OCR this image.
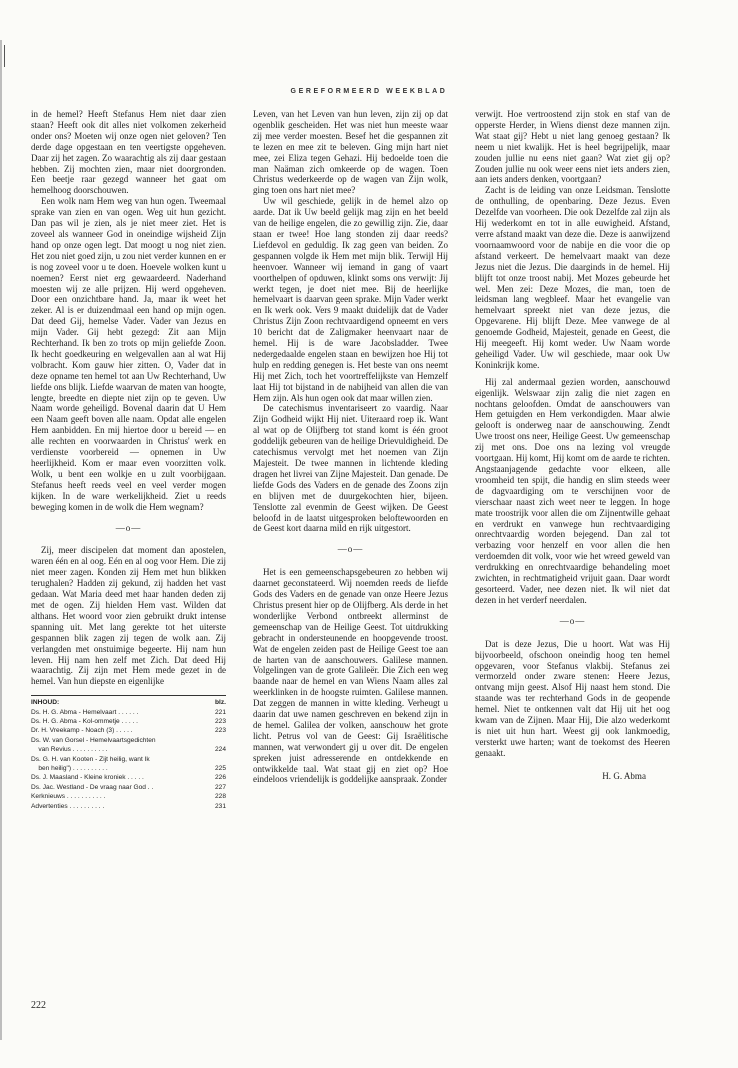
GEREFORMEERD WEEKBLAD

in de hemel? Heeft Stefanus Hem niet daar zien staan? Heeft ook dit alles niet volkomen zekerheid onder ons? Moeten wij onze ogen niet geloven? Ten derde dage opgestaan en ten veertigste opgeheven. Daar zij het zagen. Zo waarachtig als zij daar gestaan hebben. Zij mochten zien, maar niet doorgronden. Een beetje raar gezegd wanneer het gaat om hemelhoog doorschouwen.

Een wolk nam Hem weg van hun ogen. Tweemaal sprake van zien en van ogen. Weg uit hun gezicht. Dan pas wil je zien, als je niet meer ziet. Het is zoveel als wanneer God in oneindige wijsheid Zijn hand op onze ogen legt. Dat moogt u nog niet zien. Het zou niet goed zijn, u zou niet verder kunnen en er is nog zoveel voor u te doen. Hoevele wolken kunt u noemen? Eerst niet erg gewaardeerd. Naderhand moesten wij ze alle prijzen. Hij werd opgeheven. Door een onzichtbare hand. Ja, maar ik weet het zeker. Al is er duizendmaal een hand op mijn ogen. Dat deed Gij, hemelse Vader. Vader van Jezus en mijn Vader. Gij hebt gezegd: Zit aan Mijn Rechterhand. Ik ben zo trots op mijn geliefde Zoon. Ik hecht goedkeuring en welgevallen aan al wat Hij volbracht. Kom gauw hier zitten. O, Vader dat in deze opname ten hemel tot aan Uw Rechterhand, Uw liefde ons blijk. Liefde waarvan de maten van hoogte, lengte, breedte en diepte niet zijn op te geven. Uw Naam worde geheiligd. Bovenal daarin dat U Hem een Naam geeft boven alle naam. Opdat alle engelen Hem aanbidden. En mij hiertoe door u bereid — en alle rechten en voorwaarden in Christus' werk en verdienste voorbereid — opnemen in Uw heerlijkheid. Kom er maar even voorzitten volk. Wolk, u bent een wolkje en u zult voorbijgaan. Stefanus heeft reeds veel en veel verder mogen kijken. In de ware werkelijkheid. Ziet u reeds beweging komen in de wolk die Hem wegnam?

—o—

Zij, meer discipelen dat moment dan apostelen, waren één en al oog. Eén en al oog voor Hem. Die zij niet meer zagen. Konden zij Hem met hun blikken terughalen? Hadden zij gekund, zij hadden het vast gedaan. Wat Maria deed met haar handen deden zij met de ogen. Zij hielden Hem vast. Wilden dat althans. Het woord voor zien gebruikt drukt intense spanning uit. Met lang gerekte tot het uiterste gespannen blik zagen zij tegen de wolk aan. Zij verlangden met onstuimige begeerte. Hij nam hun leven. Hij nam hen zelf met Zich. Dat deed Hij waarachtig. Zij zijn met Hem mede gezet in de hemel. Van hun diepste en eigenlijke

INHOUD:	blz.
Ds. H. G. Abma - Hemelvaart . . . . . .	221
Ds. H. G. Abma - Kol-ommetje . . . . .	223
Dr. H. Vreekamp - Noach (3) . . . . .	223
Ds. W. van Gorsel - Hemelvaartsgedichten
van Revius . . . . . . . . . .	224
Ds. G. H. van Kooten - Zijt heilig, want Ik
ben heilig") . . . . . . . . . .	225
Ds. J. Maasland - Kleine kroniek . . . . .	226
Ds. Jac. Westland - De vraag naar God . .	227
Kerknieuws . . . . . . . . . . .	228
Advertenties . . . . . . . . . .	231

Leven, van het Leven van hun leven, zijn zij op dat ogenblik gescheiden. Het was niet hun meeste waar zij mee verder moesten. Besef het die gespannen zit te lezen en mee zit te beleven. Ging mijn hart niet mee, zei Eliza tegen Gehazi. Hij bedoelde toen die man Naäman zich omkeerde op de wagen. Toen Christus wederkeerde op de wagen van Zijn wolk, ging toen ons hart niet mee?

Uw wil geschiede, gelijk in de hemel alzo op aarde. Dat ik Uw beeld gelijk mag zijn en het beeld van de heilige engelen, die zo gewillig zijn. Zie, daar staan er twee! Hoe lang stonden zij daar reeds? Liefdevol en geduldig. Ik zag geen van beiden. Zo gespannen volgde ik Hem met mijn blik. Terwijl Hij heenvoer. Wanneer wij iemand in gang of vaart voorthelpen of opduwen, klinkt soms ons verwijt: Jij werkt tegen, je doet niet mee. Bij de heerlijke hemelvaart is daarvan geen sprake. Mijn Vader werkt en Ik werk ook. Vers 9 maakt duidelijk dat de Vader Christus Zijn Zoon rechtvaardigend opneemt en vers 10 bericht dat de Zaligmaker heenvaart naar de hemel. Hij is de ware Jacobsladder. Twee nedergedaalde engelen staan en bewijzen hoe Hij tot hulp en redding genegen is. Het beste van ons neemt Hij met Zich, toch het voortreffelijkste van Hemzelf laat Hij tot bijstand in de nabijheid van allen die van Hem zijn. Als hun ogen ook dat maar willen zien.

De catechismus inventariseert zo vaardig. Naar Zijn Godheid wijkt Hij niet. Uiteraard roep ik. Want al wat op de Olijfberg tot stand komt is één groot goddelijk gebeuren van de heilige Drievuldigheid. De catechismus vervolgt met het noemen van Zijn Majesteit. De twee mannen in lichtende kleding dragen het livrei van Zijne Majesteit. Dan genade. De liefde Gods des Vaders en de genade des Zoons zijn en blijven met de duurgekochten hier, bijeen. Tenslotte zal evenmin de Geest wijken. De Geest beloofd in de laatst uitgesproken beloftewoorden en de Geest kort daarna mild en rijk uitgestort.

—o—

Het is een gemeenschapsgebeuren zo hebben wij daarnet geconstateerd. Wij noemden reeds de liefde Gods des Vaders en de genade van onze Heere Jezus Christus present hier op de Olijfberg. Als derde in het wonderlijke Verbond ontbreekt allerminst de gemeenschap van de Heilige Geest. Tot uitdrukking gebracht in ondersteunende en hoopgevende troost. Wat de engelen zeiden past de Heilige Geest toe aan de harten van de aanschouwers. Galilese mannen. Volgelingen van de grote Galileër. Die Zich een weg baande naar de hemel en van Wiens Naam alles zal weerklinken in de hoogste ruimten. Galilese mannen. Dat zeggen de mannen in witte kleding. Verheugt u daarin dat uwe namen geschreven en bekend zijn in de hemel. Galilea der volken, aanschouw het grote licht. Petrus vol van de Geest: Gij Israëlitische mannen, wat verwondert gij u over dit. De engelen spreken juist adresserende en ontdekkende en ontwikkelde taal. Wat staat gij en ziet op? Hoe eindeloos vriendelijk is goddelijke aanspraak. Zonder

verwijt. Hoe vertroostend zijn stok en staf van de opperste Herder, in Wiens dienst deze mannen zijn. Wat staat gij? Hebt u niet lang genoeg gestaan? Ik neem u niet kwalijk. Het is heel begrijpelijk, maar zouden jullie nu eens niet gaan? Wat ziet gij op? Zouden jullie nu ook weer eens niet iets anders zien, aan iets anders denken, voortgaan?

Zacht is de leiding van onze Leidsman. Tenslotte de onthulling, de openbaring. Deze Jezus. Even Dezelfde van voorheen. Die ook Dezelfde zal zijn als Hij wederkomt en tot in alle euwigheid. Afstand, verre afstand maakt van deze die. Deze is aanwijzend voornaamwoord voor de nabije en die voor die op afstand verkeert. De hemelvaart maakt van deze Jezus niet die Jezus. Die daarginds in de hemel. Hij blijft tot onze troost nabij. Met Mozes gebeurde het wel. Men zei: Deze Mozes, die man, toen de leidsman lang wegbleef. Maar het evangelie van hemelvaart spreekt niet van deze jezus, die Opgevarene. Hij blijft Deze. Mee vanwege de al genoemde Godheid, Majesteit, genade en Geest, die Hij meegeeft. Hij komt weder. Uw Naam worde geheiligd Vader. Uw wil geschiede, maar ook Uw Koninkrijk kome.

Hij zal andermaal gezien worden, aanschouwd eigenlijk. Welswaar zijn zalig die niet zagen en nochtans geloofden. Omdat de aanschouwers van Hem getuigden en Hem verkondigden. Maar alwie gelooft is onderweg naar de aanschouwing. Zendt Uwe troost ons neer, Heilige Geest. Uw gemeenschap zij met ons. Doe ons na lezing vol vreugde voortgaan. Hij komt, Hij komt om de aarde te richten. Angstaanjagende gedachte voor elkeen, alle vroomheid ten spijt, die handig en slim steeds weer de dagvaardiging om te verschijnen voor de vierschaar naast zich weet neer te leggen. In hoge mate troostrijk voor allen die om Zijnentwille gehaat en verdrukt en vanwege hun rechtvaardiging onrechtvaardig worden bejegend. Dan zal tot verbazing voor henzelf en voor allen die hen verdoemden dit volk, voor wie het wreed geweld van verdrukking en onrechtvaardige behandeling moet zwichten, in rechtmatigheid vrijuit gaan. Daar wordt gesorteerd. Vader, nee dezen niet. Ik wil niet dat dezen in het verderf neerdalen.

—o—

Dat is deze Jezus, Die u hoort. Wat was Hij bijvoorbeeld, ofschoon oneindig hoog ten hemel opgevaren, voor Stefanus vlakbij. Stefanus zei vermorzeld onder zware stenen: Heere Jezus, ontvang mijn geest. Alsof Hij naast hem stond. Die staande was ter rechterhand Gods in de geopende hemel. Niet te ontkennen valt dat Hij uit het oog kwam van de Zijnen. Maar Hij, Die alzo wederkomt is niet uit hun hart. Weest gij ook lankmoedig, versterkt uwe harten; want de toekomst des Heeren genaakt.

H. G. Abma
222
